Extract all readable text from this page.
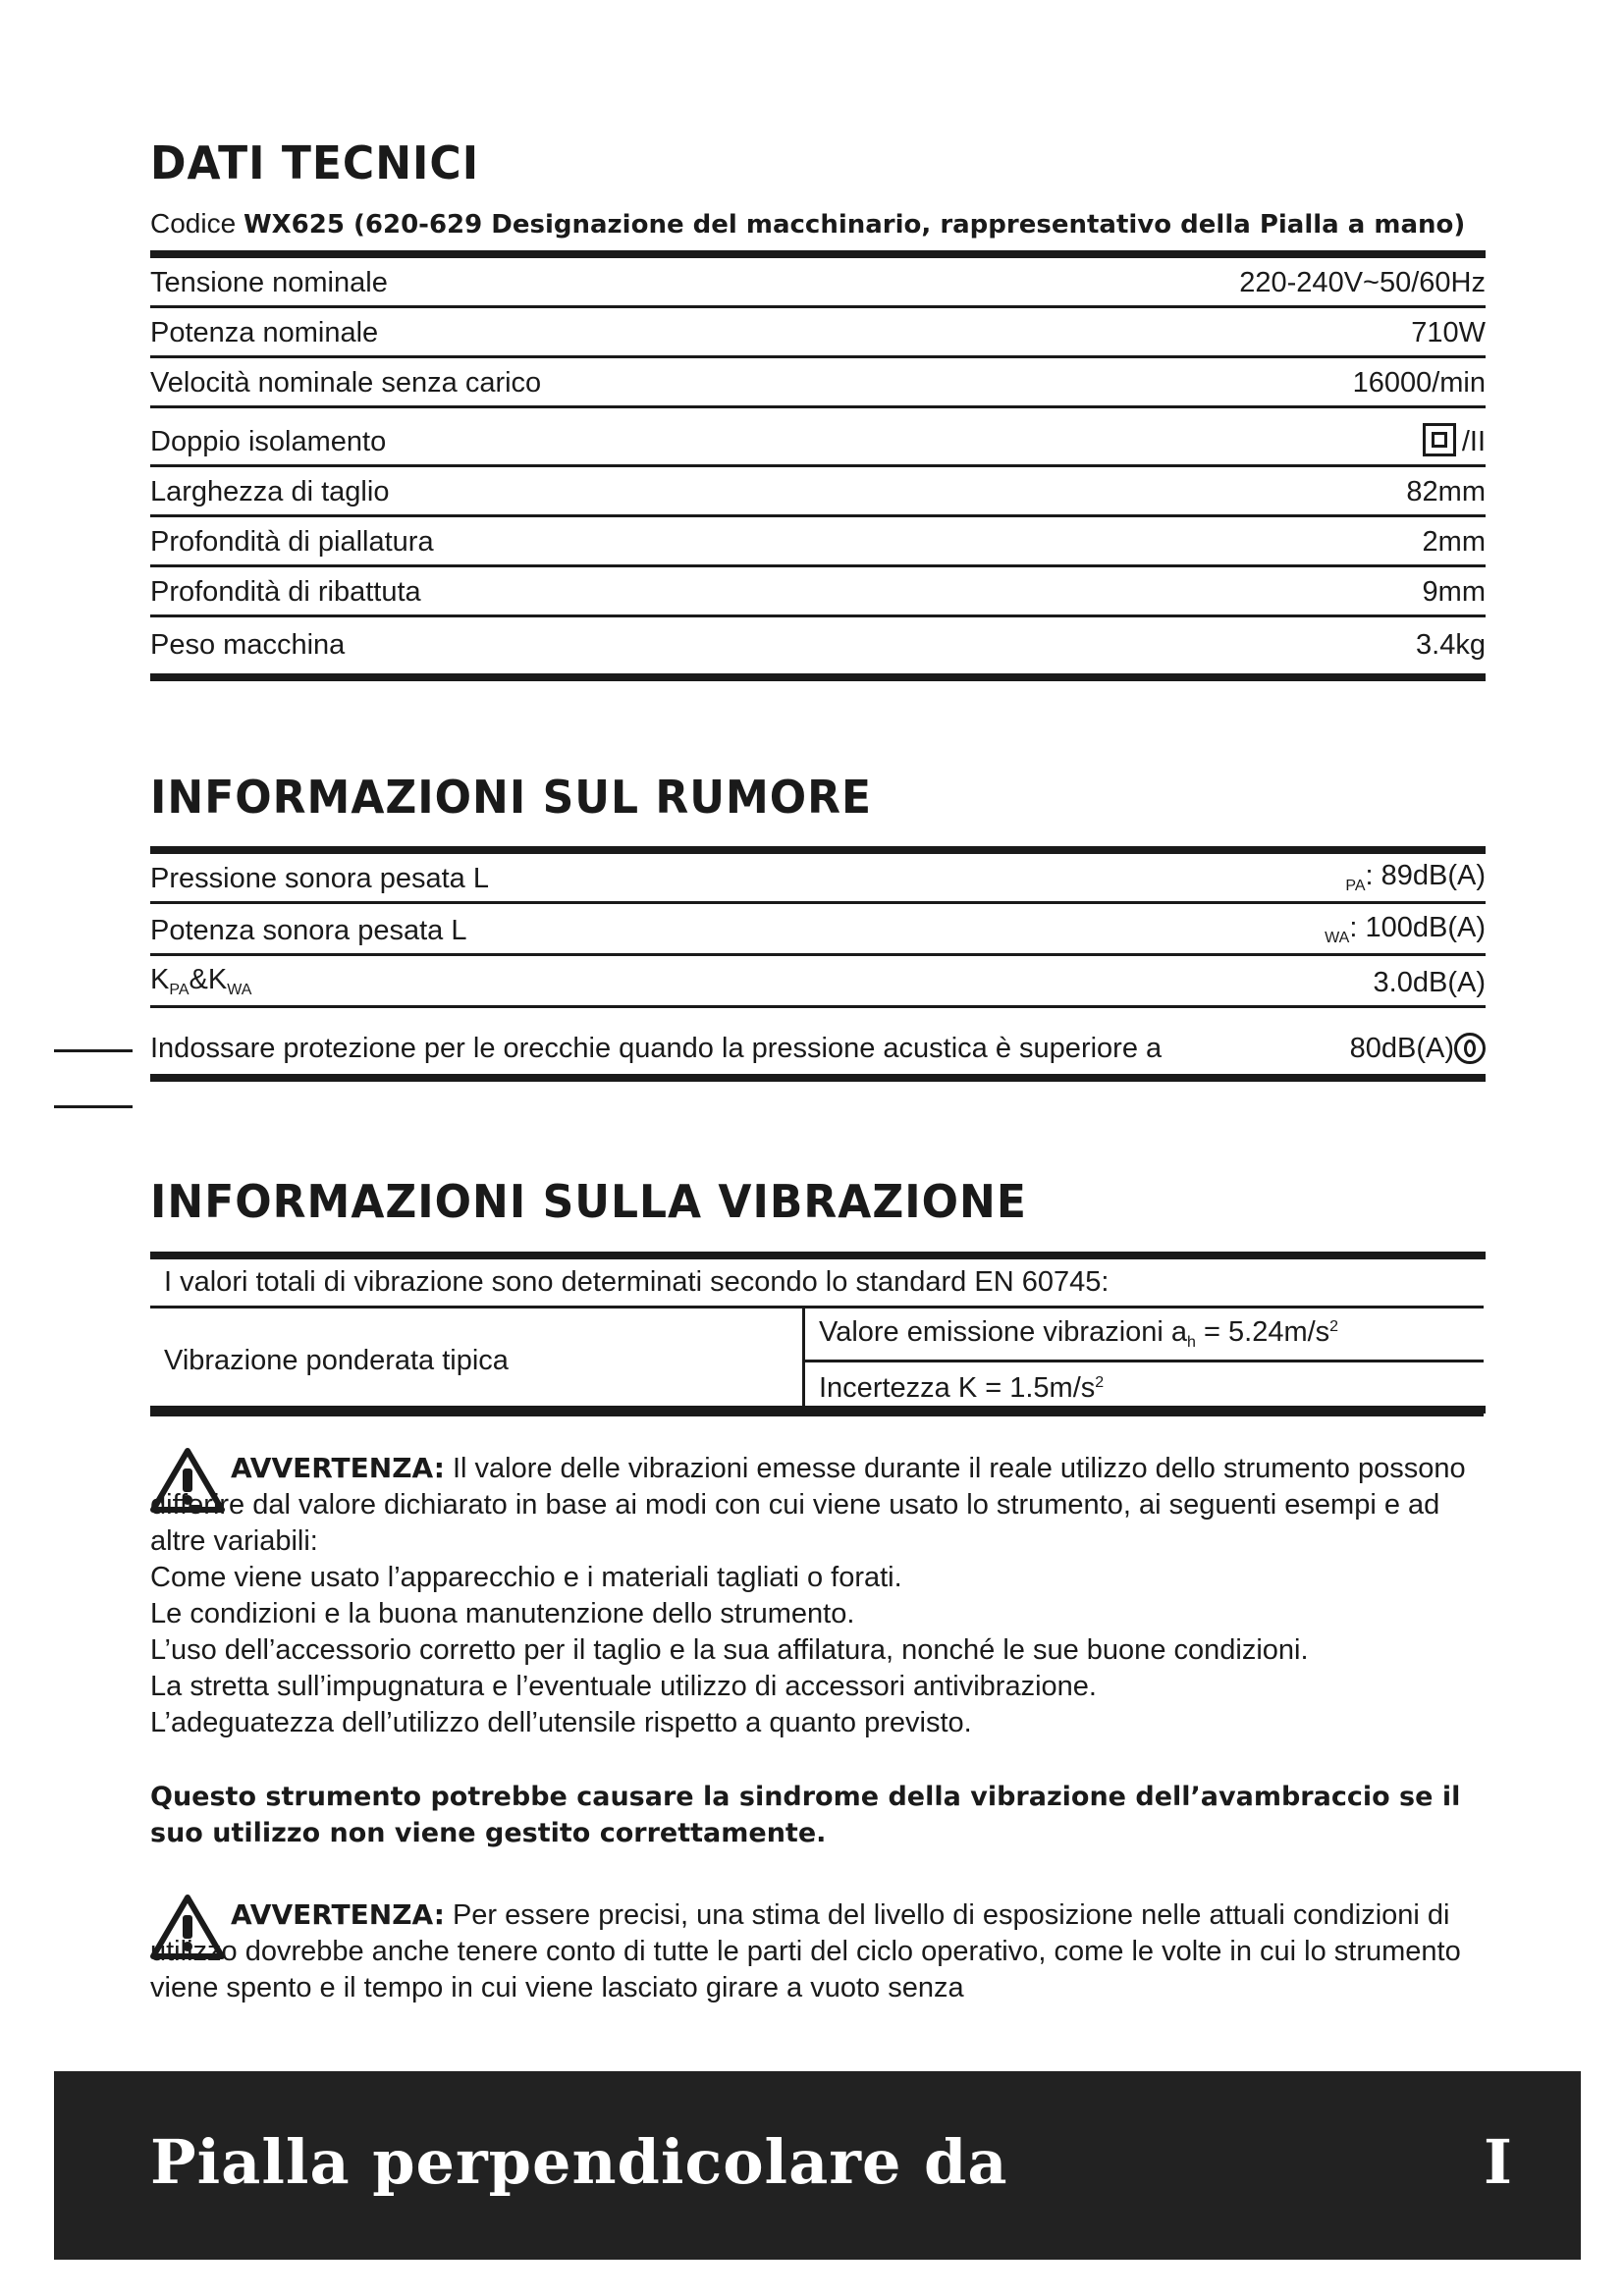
DATI TECNICI
Codice WX625 (620-629 Designazione del macchinario, rappresentativo della Pialla a mano)
Tensione nominale	220-240V~50/60Hz
Potenza nominale	710W
Velocità nominale senza carico	16000/min
Doppio isolamento	/II
Larghezza di taglio	82mm
Profondità di piallatura	2mm
Profondità di ribattuta	9mm
Peso macchina	3.4kg
INFORMAZIONI SUL RUMORE
Pressione sonora pesata L	$_{PA}$: 89dB(A)
Potenza sonora pesata L	$_{WA}$: 100dB(A)
$K_{PA}\&K_{WA}$	3.0dB(A)
Indossare protezione per le orecchie quando la pressione acustica è superiore a	80dB(A)
INFORMAZIONI SULLA VIBRAZIONE
I valori totali di vibrazione sono determinati secondo lo standard EN 60745:
Vibrazione ponderata tipica	Valore emissione vibrazioni $a_h = 5.24m/s^2$
Incertezza $K = 1.5m/s^2$
AVVERTENZA: Il valore delle vibrazioni emesse durante il reale utilizzo dello strumento possono differire dal valore dichiarato in base ai modi con cui viene usato lo strumento, ai seguenti esempi e ad altre variabili:
Come viene usato l’apparecchio e i materiali tagliati o forati.
Le condizioni e la buona manutenzione dello strumento.
L’uso dell’accessorio corretto per il taglio e la sua affilatura, nonché le sue buone condizioni.
La stretta sull’impugnatura e l’eventuale utilizzo di accessori antivibrazione.
L’adeguatezza dell’utilizzo dell’utensile rispetto a quanto previsto.
Questo strumento potrebbe causare la sindrome della vibrazione dell’avambraccio se il suo utilizzo non viene gestito correttamente.
AVVERTENZA: Per essere precisi, una stima del livello di esposizione nelle attuali condizioni di utilizzo dovrebbe anche tenere conto di tutte le parti del ciclo operativo, come le volte in cui lo strumento viene spento e il tempo in cui viene lasciato girare a vuoto senza
Pialla perpendicolare da	I
